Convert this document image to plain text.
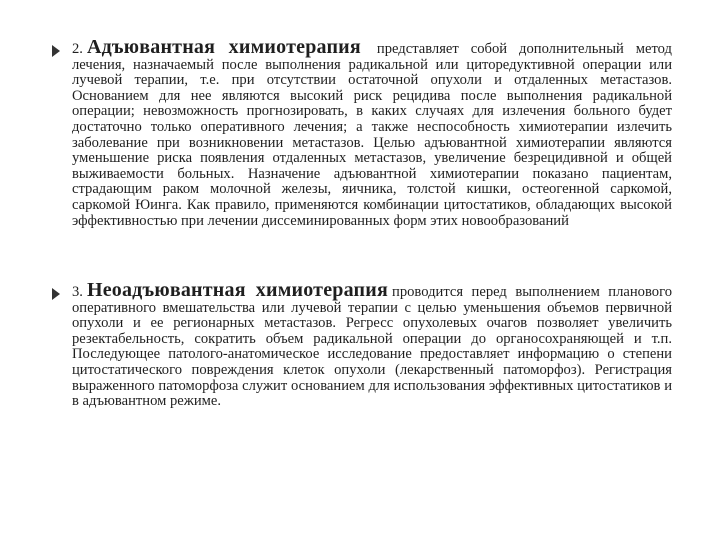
2. Адъювантная химиотерапия представляет собой дополнительный метод лечения, назначаемый после выполнения радикальной или циторедуктивной операции или лучевой терапии, т.е. при отсутствии остаточной опухоли и отдаленных метастазов. Основанием для нее являются высокий риск рецидива после выполнения радикальной операции; невозможность прогнозировать, в каких случаях для излечения больного будет достаточно только оперативного лечения; а также неспособность химиотерапии излечить заболевание при возникновении метастазов. Целью адъювантной химиотерапии являются уменьшение риска появления отдаленных метастазов, увеличение безрецидивной и общей выживаемости больных. Назначение адъювантной химиотерапии показано пациентам, страдающим раком молочной железы, яичника, толстой кишки, остеогенной саркомой, саркомой Юинга. Как правило, применяются комбинации цитостатиков, обладающих высокой эффективностью при лечении диссеминированных форм этих новообразований

3. Неоадъювантная химиотерапия проводится перед выполнением планового оперативного вмешательства или лучевой терапии с целью уменьшения объемов первичной опухоли и ее регионарных метастазов. Регресс опухолевых очагов позволяет увеличить резектабельность, сократить объем радикальной операции до органосохраняющей и т.п. Последующее патолого-анатомическое исследование предоставляет информацию о степени цитостатического повреждения клеток опухоли (лекарственный патоморфоз). Регистрация выраженного патоморфоза служит основанием для использования эффективных цитостатиков и в адъювантном режиме.
